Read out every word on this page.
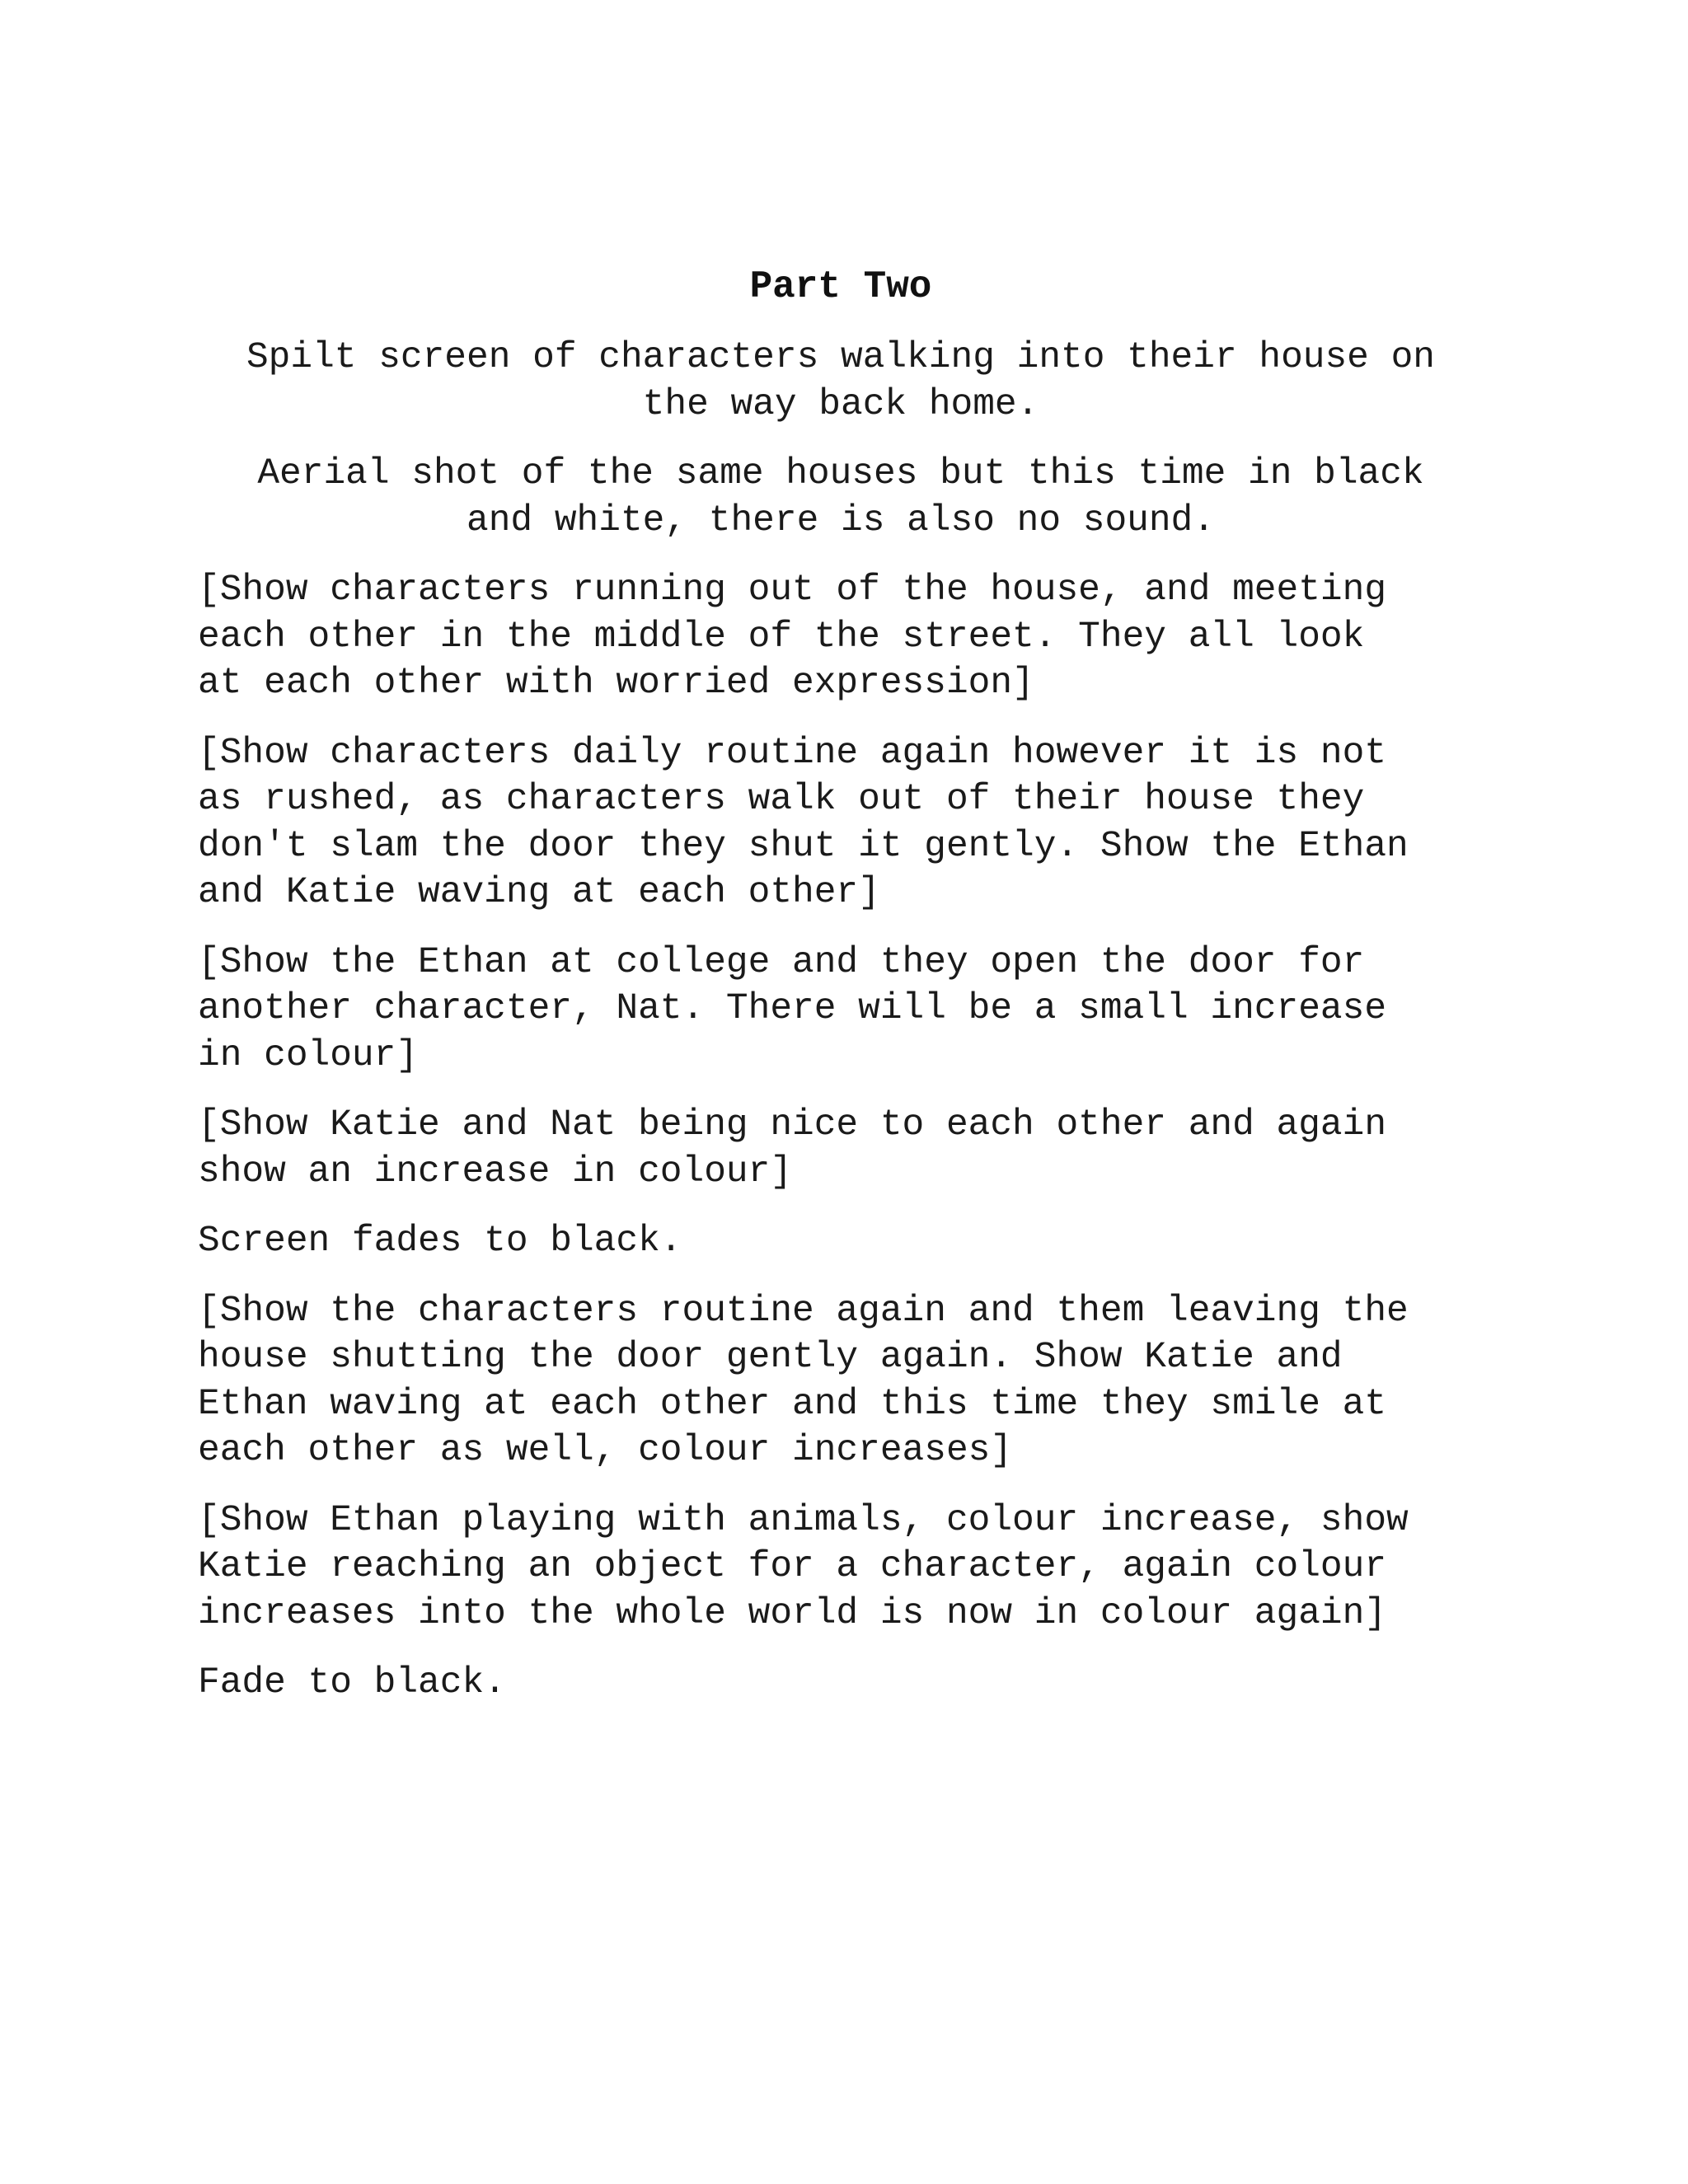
Part Two

Spilt screen of characters walking into their house on
the way back home.

Aerial shot of the same houses but this time in black
and white, there is also no sound.

[Show characters running out of the house, and meeting
each other in the middle of the street. They all look
at each other with worried expression]

[Show characters daily routine again however it is not
as rushed, as characters walk out of their house they
don't slam the door they shut it gently. Show the Ethan
and Katie waving at each other]

[Show the Ethan at college and they open the door for
another character, Nat. There will be a small increase
in colour]

[Show Katie and Nat being nice to each other and again
show an increase in colour]

Screen fades to black.

[Show the characters routine again and them leaving the
house shutting the door gently again. Show Katie and
Ethan waving at each other and this time they smile at
each other as well, colour increases]

[Show Ethan playing with animals, colour increase, show
Katie reaching an object for a character, again colour
increases into the whole world is now in colour again]

Fade to black.
